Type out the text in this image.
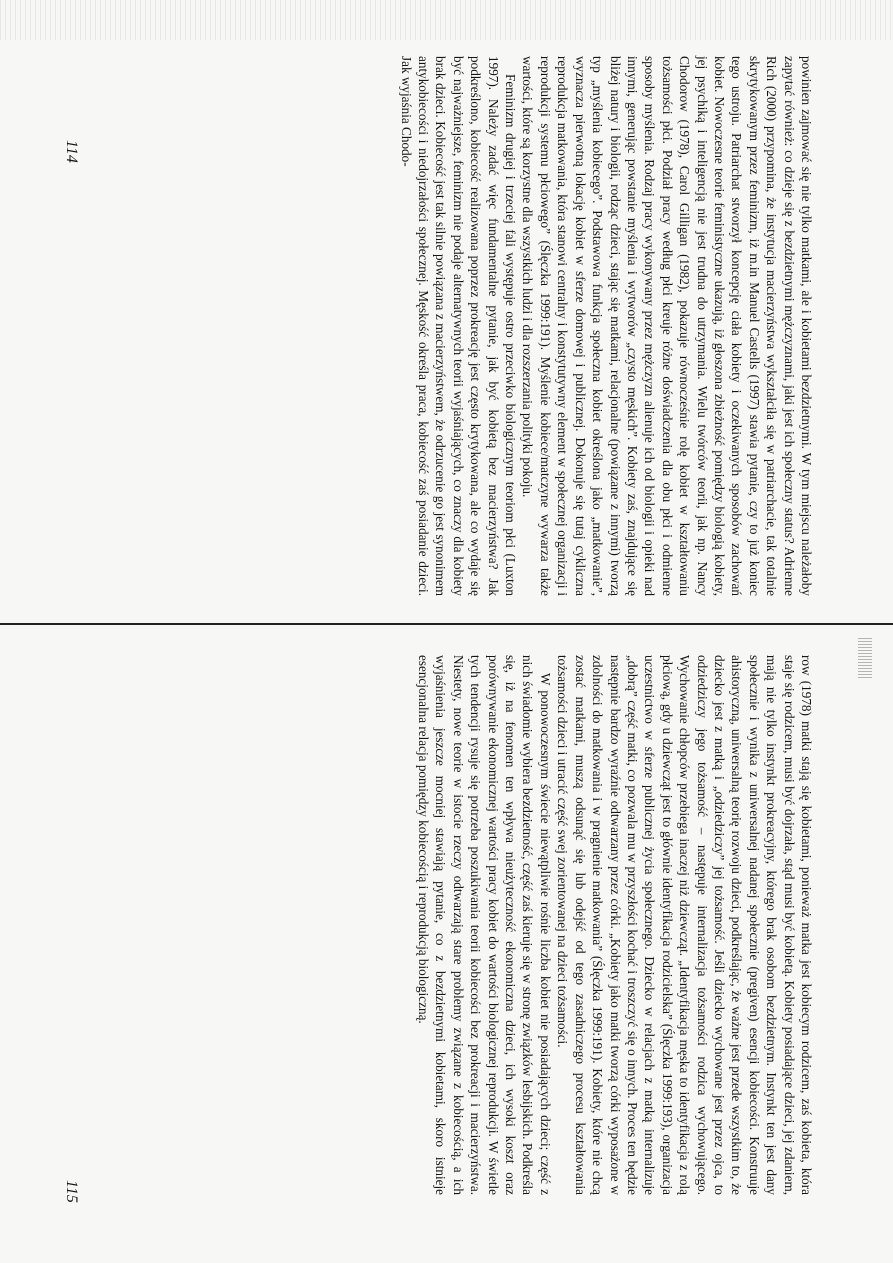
powinien zajmować się nie tylko matkami, ale i kobietami bezdzietnymi. W tym miejscu należałoby zapytać również: co dzieje się z bezdzietnymi mężczyznami, jaki jest ich społeczny status? Adrienne Rich (2000) przypomina, że instytucja macierzyństwa wykształciła się w patriarchacie, tak totalnie skrytykowanym przez feminizm, iż m.in Manuel Castells (1997) stawia pytanie, czy to już koniec tego ustroju. Patriarchat stworzył koncepcję ciała kobiety i oczekiwanych sposobów zachowań kobiet. Nowoczesne teorie feministyczne ukazują, iż głoszona zbieżność pomiędzy biologią kobiety, jej psychiką i inteligencją nie jest trudna do utrzymania. Wielu twórców teorii, jak np. Nancy Chodorow (1978), Carol Gilligan (1982), pokazuje równocześnie rolę kobiet w kształtowaniu tożsamości płci. Podział pracy według płci kreuje różne doświadczenia dla obu płci i odmienne sposoby myślenia. Rodzaj pracy wykonywany przez mężczyzn alienuje ich od biologii i opieki nad innymi, generując powstanie myślenia i wytworów „czysto męskich”. Kobiety zaś, znajdujące się bliżej natury i biologii, rodząc dzieci, stając się matkami, relacjonalne (powiązane z innymi) tworzą typ „myślenia kobiecego”. Podstawowa funkcja społeczna kobiet określona jako „matkowanie”, wyznacza pierwotną lokację kobiet w sferze domowej i publicznej. Dokonuje się tutaj cykliczna reprodukcja matkowania, która stanowi centralny i konstytutywny element w społecznej organizacji i reprodukcji systemu płciowego” (Ślęczka 1999:191). Myślenie kobiece/matczyne wywarza także wartości, które są korzystne dla wszystkich ludzi i dla rozszerzania polityki pokoju.

Feminizm drugiej i trzeciej fali występuje ostro przeciwko biologicznym teoriom płci (Luxton 1997). Należy zadać więc fundamentalne pytanie, jak być kobietą bez macierzyństwa? Jak podkreślono, kobiecość realizowana poprzez prokreację jest często krytykowana, ale co wydaje się być najważniejsze, feminizm nie podaje alternatywnych teorii wyjaśniających, co znaczy dla kobiety brak dzieci. Kobiecość jest tak silnie powiązana z macierzyństwem, że odrzucenie go jest synonimem antykobiecości i niedojrzałości społecznej. Męskość określa praca, kobiecość zaś posiadanie dzieci. Jak wyjaśnia Chodo-

114

row (1978) matki stają się kobietami, ponieważ matka jest kobiecym rodzicem, zaś kobieta, która staje się rodzicem, musi być dojrzała, stąd musi być kobietą. Kobiety posiadające dzieci, jej zdaniem, mają nie tylko instynkt prokreacyjny, którego brak osobom bezdzietnym. Instynkt ten jest dany społecznie i wynika z uniwersalnej nadanej społecznie (pregiven) esencji kobiecości. Konstruuje ahistoryczną, uniwersalną teorię rozwoju dzieci, podkreślając, że ważne jest przede wszystkim to, że dziecko jest z matką i „odziedziczy” jej tożsamość. Jeśli dziecko wychowane jest przez ojca, to odziedziczy jego tożsamość – następuje internalizacja tożsamości rodzica wychowującego. Wychowanie chłopców przebiega inaczej niż dziewcząt. „Identyfikacja męska to identyfikacja z rolą płciową, gdy u dziewcząt jest to głównie identyfikacja rodzicielska” (Ślęczka 1999:193), organizacja uczestnictwo w sferze publicznej życia społecznego. Dziecko w relacjach z matką internalizuje „dobrą” część matki, co pozwala mu w przyszłości kochać i troszczyć się o innych. Proces ten będzie następnie bardzo wyraźnie odtwarzany przez córki. „Kobiety jako matki tworzą córki wyposażone w zdolności do matkowania i w pragnienie matkowania” (Ślęczka 1999:191). Kobiety, które nie chcą zostać matkami, muszą odsunąć się lub odejść od tego zasadniczego procesu kształtowania tożsamości dzieci i utracić część swej zorientowanej na dzieci tożsamości.

W ponowoczesnym świecie niewątpliwie rośnie liczba kobiet nie posiadających dzieci; część z nich świadomie wybiera bezdzietność, część zaś kieruje się w stronę związków lesbijskich. Podkreśla się, iż na fenomen ten wpływa nieużyteczność ekonomiczna dzieci, ich wysoki koszt oraz porównywanie ekonomicznej wartości pracy kobiet do wartości biologicznej reprodukcji. W świetle tych tendencji rysuje się potrzeba poszukiwania teorii kobiecości bez prokreacji i macierzyństwa. Niestety, nowe teorie w istocie rzeczy odtwarzają stare problemy związane z kobiecością, a ich wyjaśnienia jeszcze mocniej stawiają pytanie, co z bezdzietnymi kobietami, skoro istnieje esencjonalna relacja pomiędzy kobiecością i reprodukcją biologiczną.

115
